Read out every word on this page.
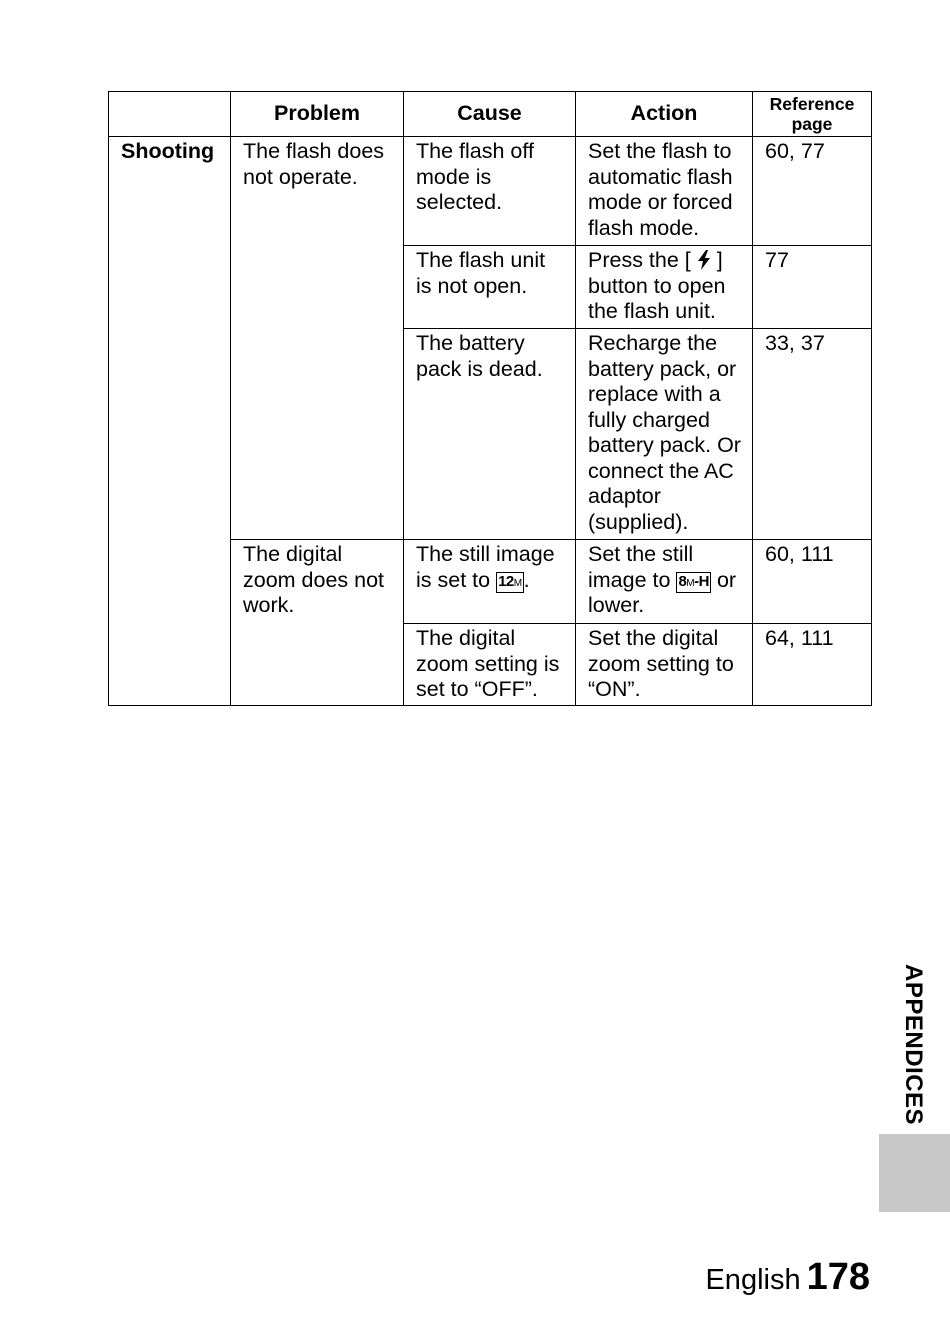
	Problem	Cause	Action	Reference page
Shooting	The flash does not operate.	The flash off mode is selected.	Set the flash to automatic flash mode or forced flash mode.	60, 77
		The flash unit is not open.	Press the [ ] button to open the flash unit.	77
		The battery pack is dead.	Recharge the battery pack, or replace with a fully charged battery pack. Or connect the AC adaptor (supplied).	33, 37
	The digital zoom does not work.	The still image is set to 12M.	Set the still image to 8M-H or lower.	60, 111
		The digital zoom setting is set to “OFF”.	Set the digital zoom setting to “ON”.	64, 111
APPENDICES
English 178
